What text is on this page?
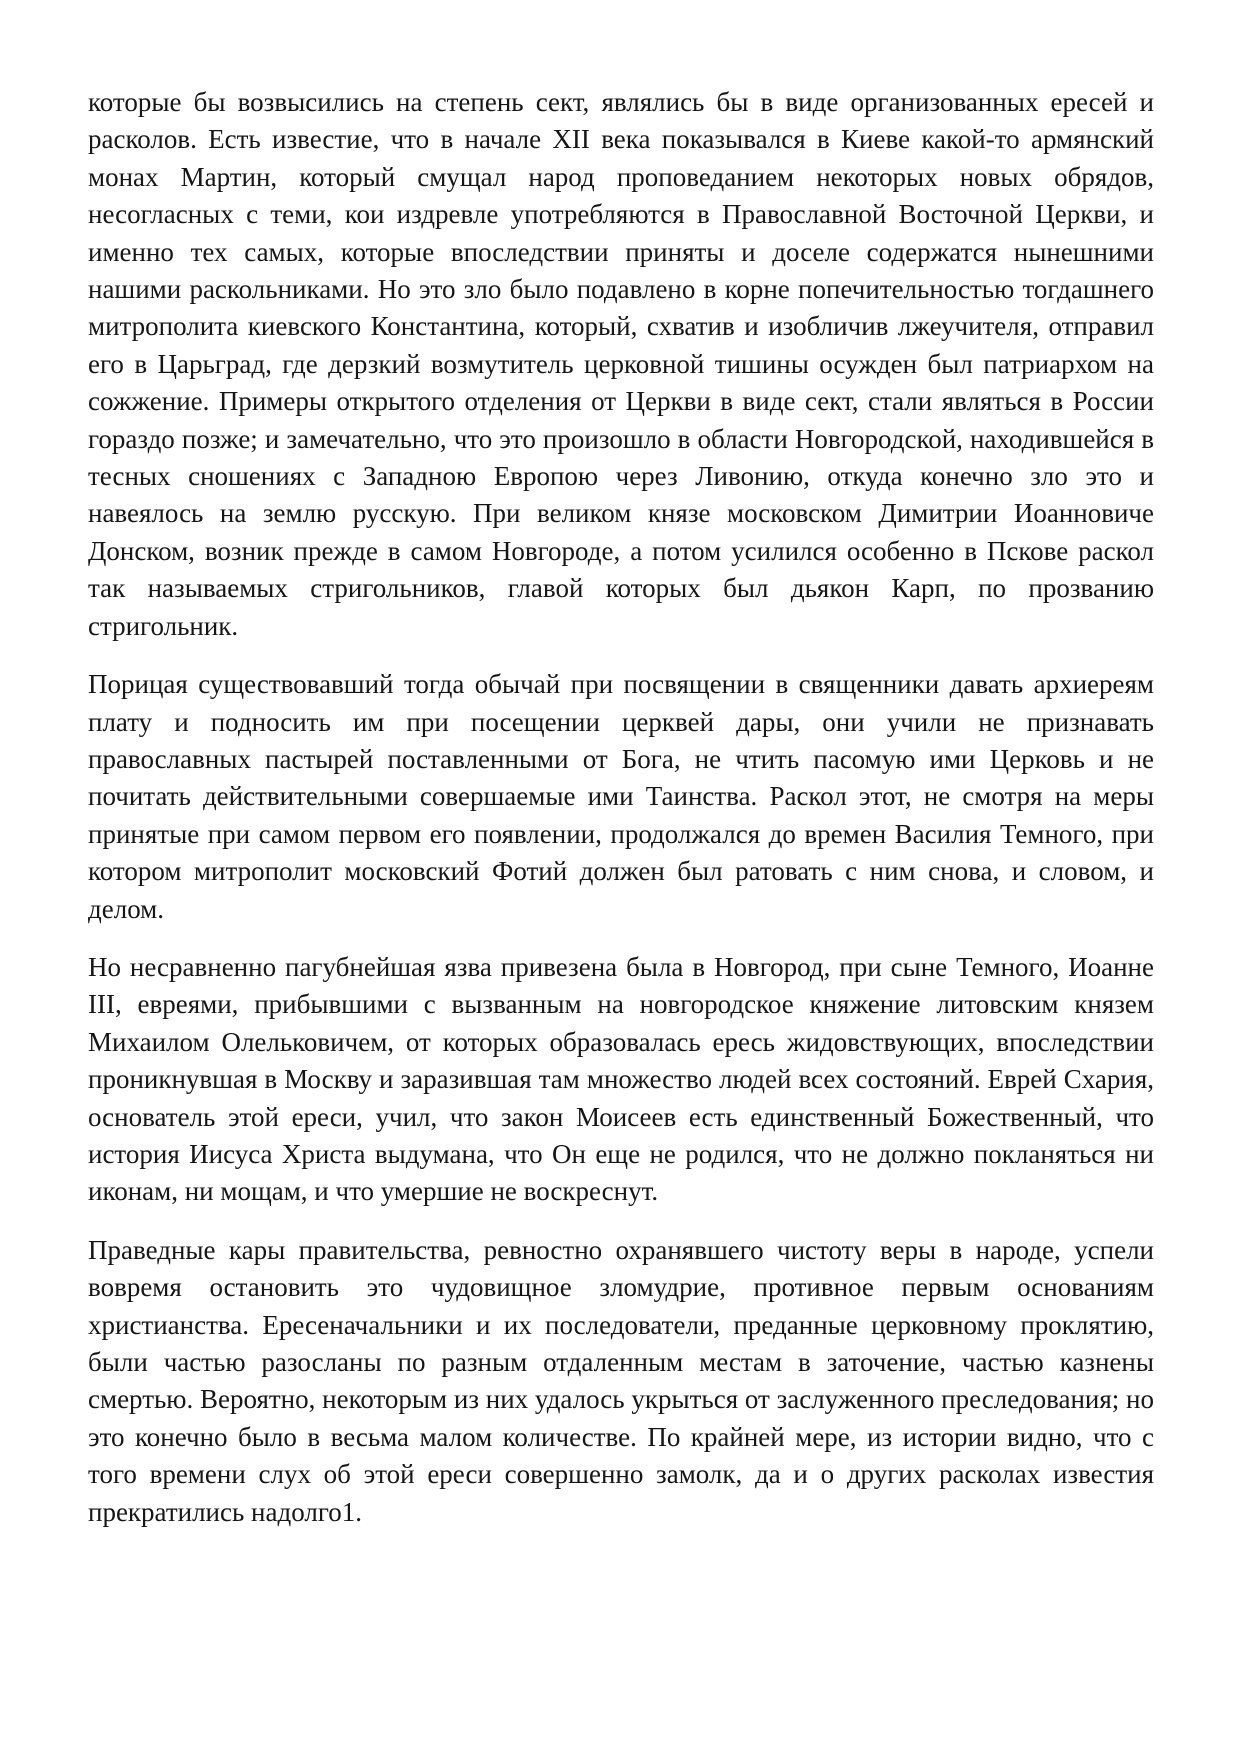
которые бы возвысились на степень сект, являлись бы в виде организованных ересей и расколов. Есть известие, что в начале XII века показывался в Киеве какой-то армянский монах Мартин, который смущал народ проповеданием некоторых новых обрядов, несогласных с теми, кои издревле употребляются в Православной Восточной Церкви, и именно тех самых, которые впоследствии приняты и доселе содержатся нынешними нашими раскольниками. Но это зло было подавлено в корне попечительностью тогдашнего митрополита киевского Константина, который, схватив и изобличив лжеучителя, отправил его в Царьград, где дерзкий возмутитель церковной тишины осужден был патриархом на сожжение. Примеры открытого отделения от Церкви в виде сект, стали являться в России гораздо позже; и замечательно, что это произошло в области Новгородской, находившейся в тесных сношениях с Западною Европою через Ливонию, откуда конечно зло это и навеялось на землю русскую. При великом князе московском Димитрии Иоанновиче Донском, возник прежде в самом Новгороде, а потом усилился особенно в Пскове раскол так называемых стригольников, главой которых был дьякон Карп, по прозванию стригольник.

Порицая существовавший тогда обычай при посвящении в священники давать архиереям плату и подносить им при посещении церквей дары, они учили не признавать православных пастырей поставленными от Бога, не чтить пасомую ими Церковь и не почитать действительными совершаемые ими Таинства. Раскол этот, не смотря на меры принятые при самом первом его появлении, продолжался до времен Василия Темного, при котором митрополит московский Фотий должен был ратовать с ним снова, и словом, и делом.

Но несравненно пагубнейшая язва привезена была в Новгород, при сыне Темного, Иоанне III, евреями, прибывшими с вызванным на новгородское княжение литовским князем Михаилом Олельковичем, от которых образовалась ересь жидовствующих, впоследствии проникнувшая в Москву и заразившая там множество людей всех состояний. Еврей Схария, основатель этой ереси, учил, что закон Моисеев есть единственный Божественный, что история Иисуса Христа выдумана, что Он еще не родился, что не должно покланяться ни иконам, ни мощам, и что умершие не воскреснут.

Праведные кары правительства, ревностно охранявшего чистоту веры в народе, успели вовремя остановить это чудовищное зломудрие, противное первым основаниям христианства. Ересеначальники и их последователи, преданные церковному проклятию, были частью разосланы по разным отдаленным местам в заточение, частью казнены смертью. Вероятно, некоторым из них удалось укрыться от заслуженного преследования; но это конечно было в весьма малом количестве. По крайней мере, из истории видно, что с того времени слух об этой ереси совершенно замолк, да и о других расколах известия прекратились надолго1.
